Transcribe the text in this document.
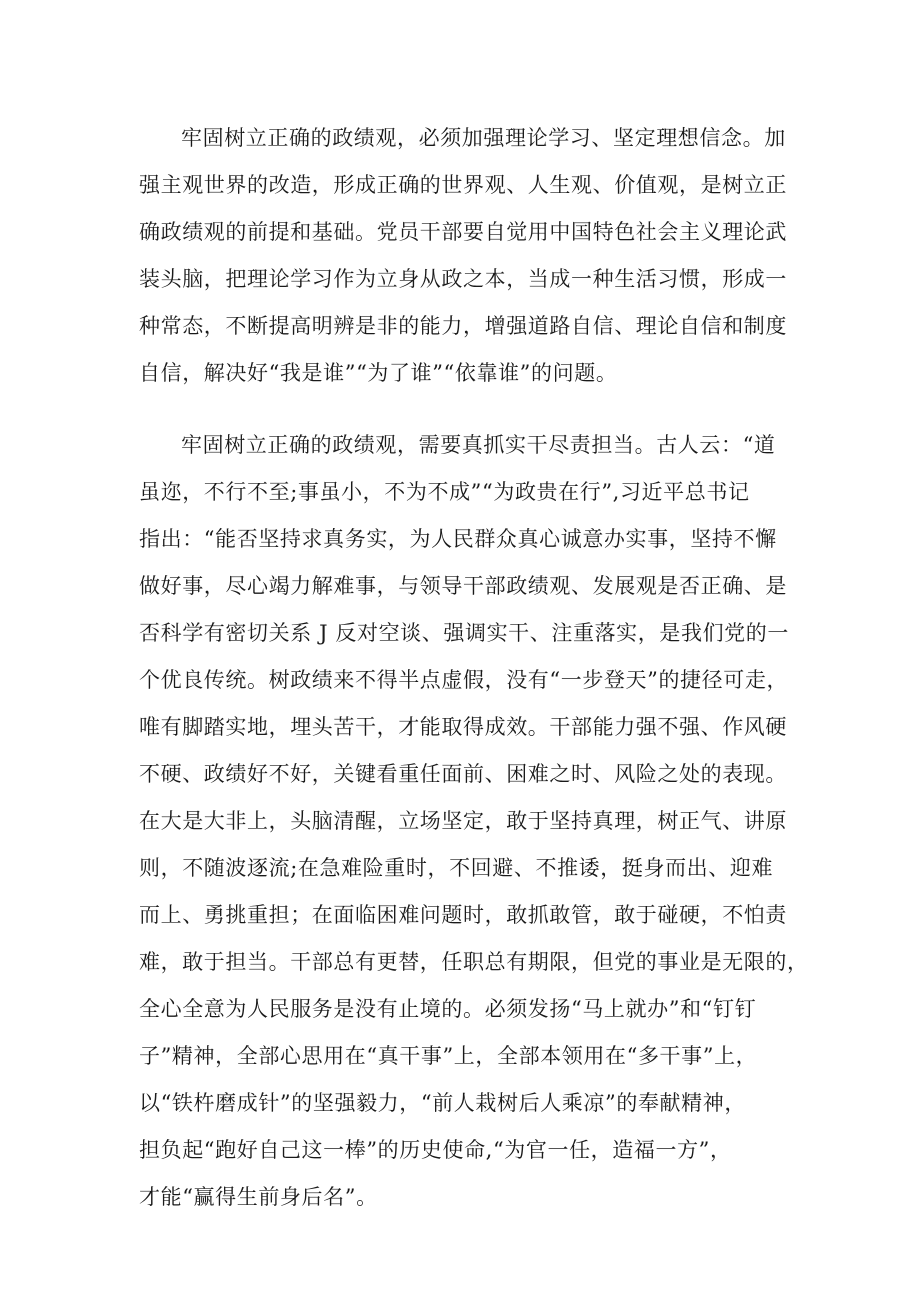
牢固树立正确的政绩观，必须加强理论学习、坚定理想信念。加
强主观世界的改造，形成正确的世界观、人生观、价值观，是树立正
确政绩观的前提和基础。党员干部要自觉用中国特色社会主义理论武
装头脑，把理论学习作为立身从政之本，当成一种生活习惯，形成一
种常态，不断提高明辨是非的能力，增强道路自信、理论自信和制度
自信，解决好“我是谁”“为了谁”“依靠谁”的问题。
牢固树立正确的政绩观，需要真抓实干尽责担当。古人云：“道
虽迩，不行不至;事虽小，不为不成”“为政贵在行”,习近平总书记
指出：“能否坚持求真务实，为人民群众真心诚意办实事，坚持不懈
做好事，尽心竭力解难事，与领导干部政绩观、发展观是否正确、是
否科学有密切关系 J 反对空谈、强调实干、注重落实，是我们党的一
个优良传统。树政绩来不得半点虚假，没有“一步登天”的捷径可走，
唯有脚踏实地，埋头苦干，才能取得成效。干部能力强不强、作风硬
不硬、政绩好不好，关键看重任面前、困难之时、风险之处的表现。
在大是大非上，头脑清醒，立场坚定，敢于坚持真理，树正气、讲原
则，不随波逐流;在急难险重时，不回避、不推诿，挺身而出、迎难
而上、勇挑重担；在面临困难问题时，敢抓敢管，敢于碰硬，不怕责
难，敢于担当。干部总有更替，任职总有期限，但党的事业是无限的，
全心全意为人民服务是没有止境的。必须发扬“马上就办”和“钉钉
子”精神，全部心思用在“真干事”上，全部本领用在“多干事”上，
以“铁杵磨成针”的坚强毅力，“前人栽树后人乘凉”的奉献精神，
担负起“跑好自己这一棒”的历史使命,“为官一任，造福一方”，
才能“赢得生前身后名”。
